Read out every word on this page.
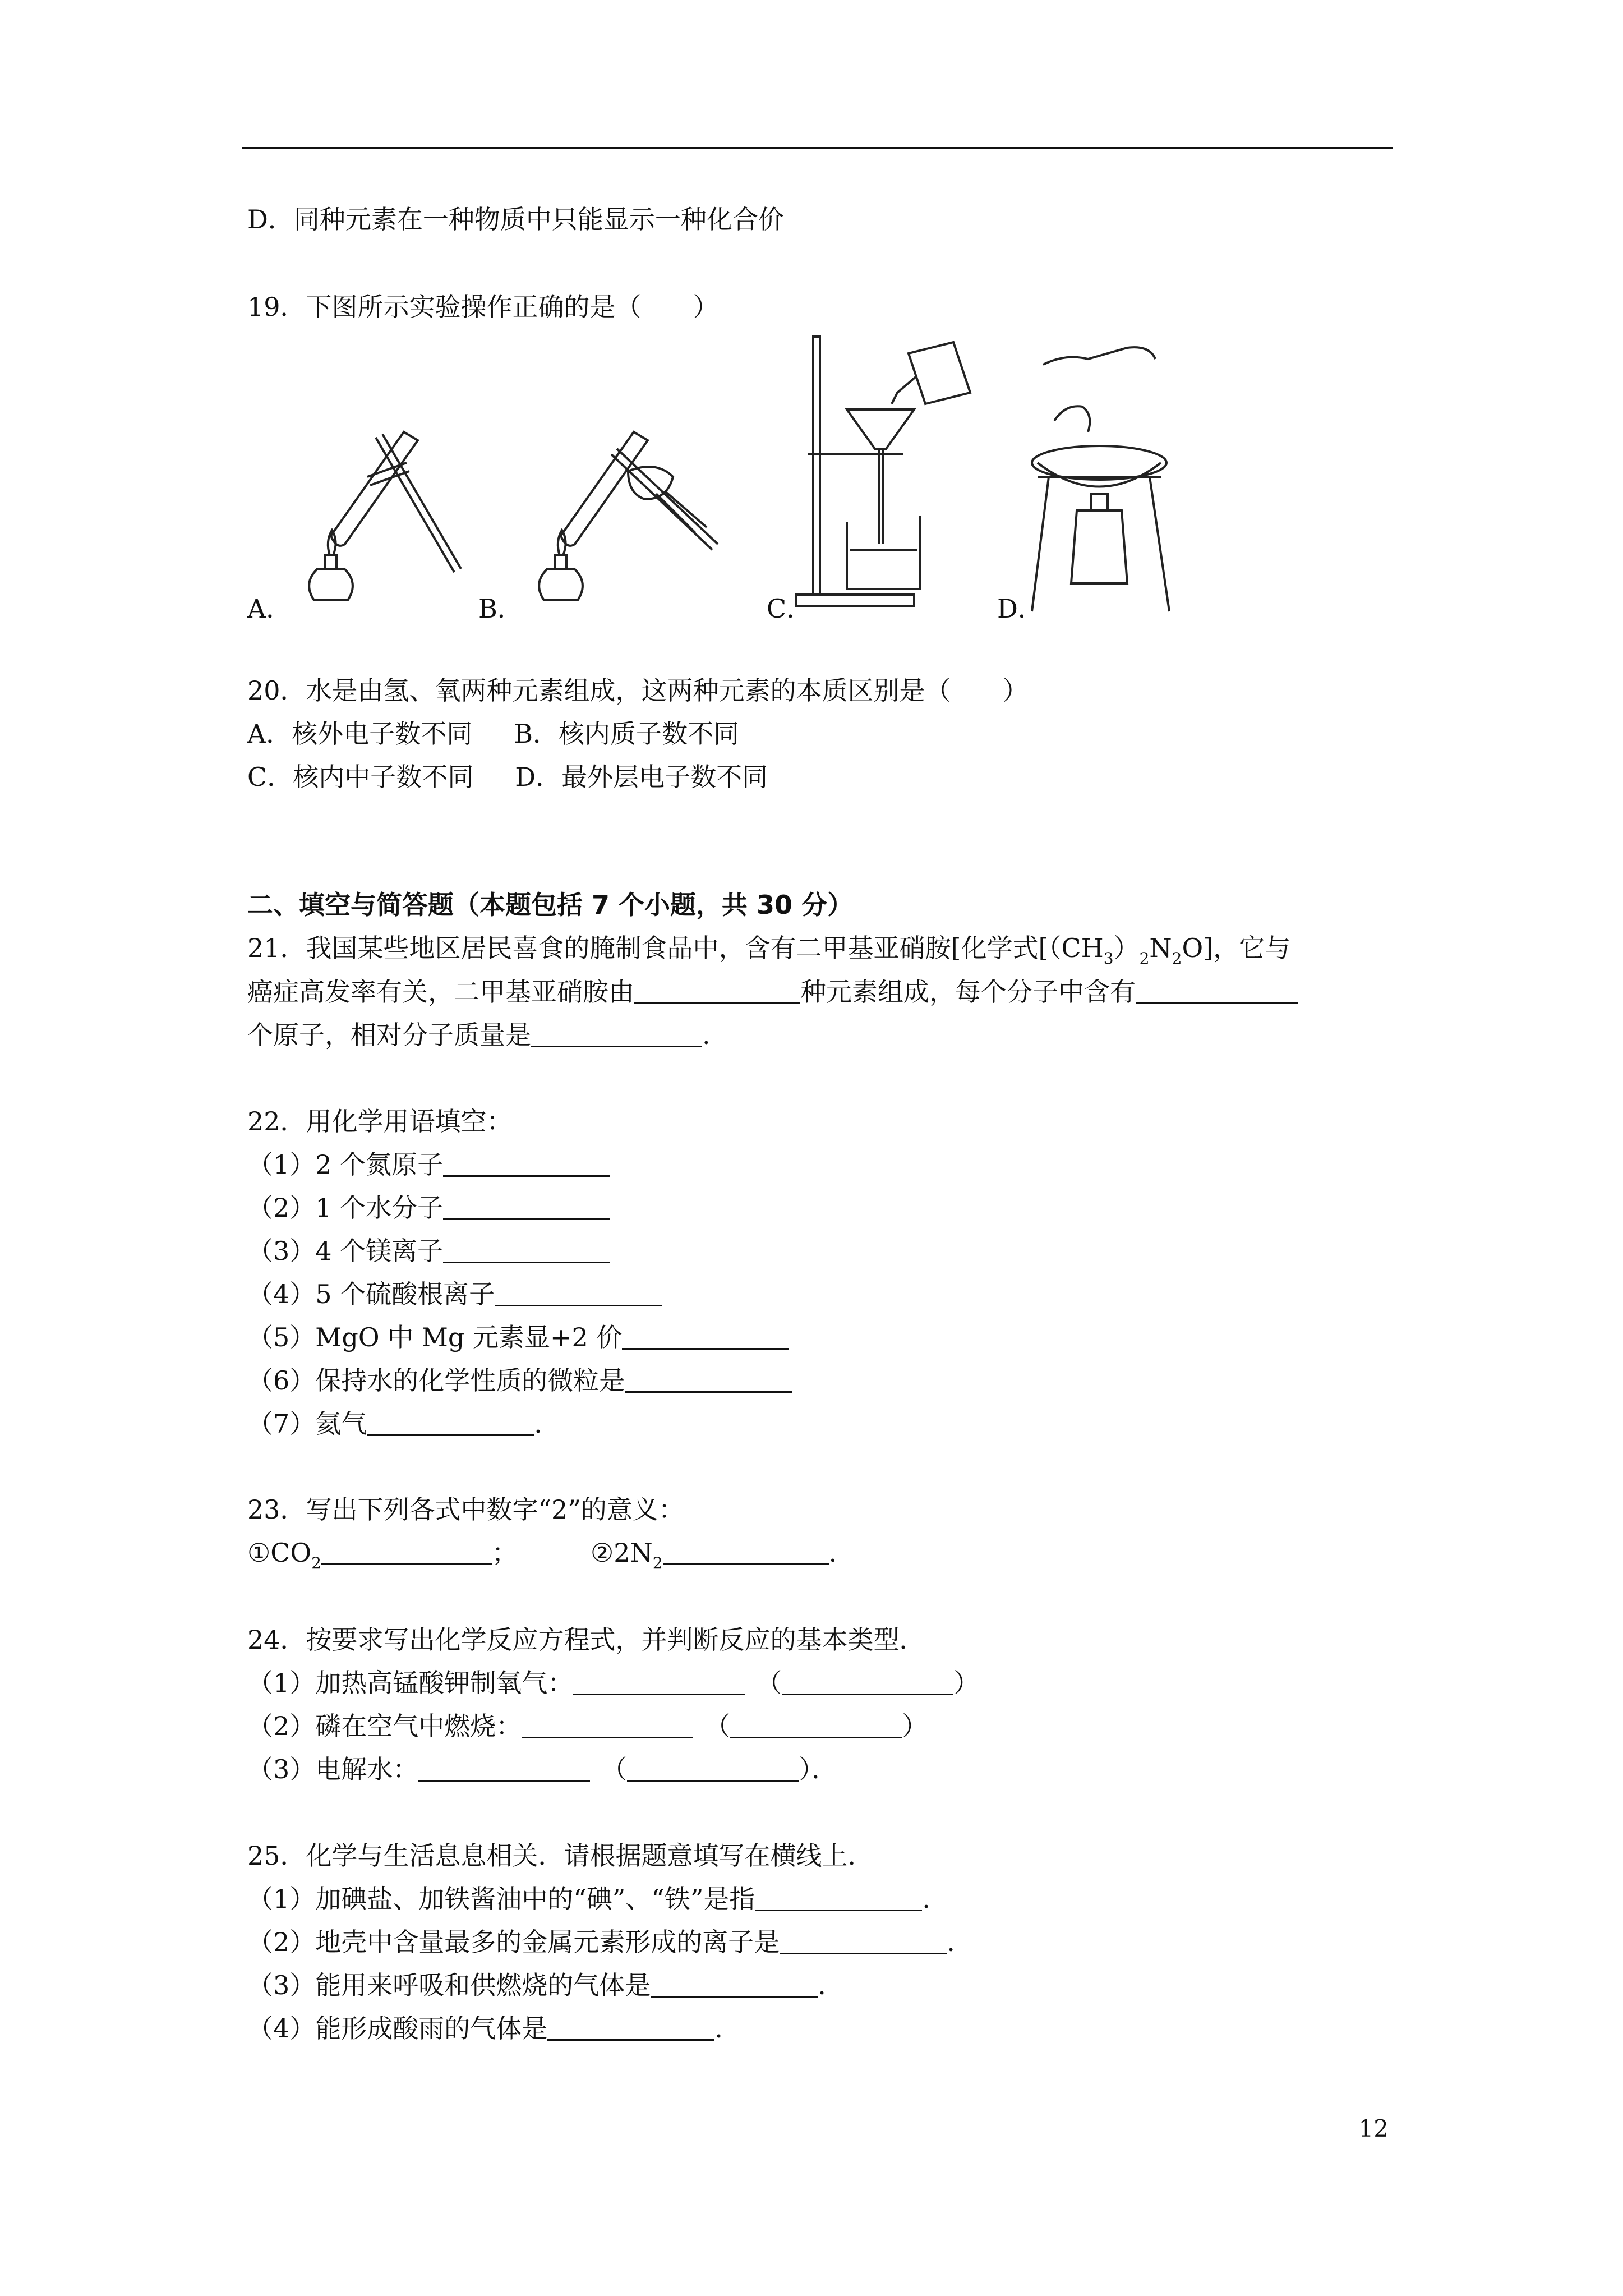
D．同种元素在一种物质中只能显示一种化合价
19．下图所示实验操作正确的是（　　）
A．	B．	C．	D．
20．水是由氢、氧两种元素组成，这两种元素的本质区别是（　　）
A．核外电子数不同 B．核内质子数不同
C．核内中子数不同 D．最外层电子数不同
二、填空与简答题（本题包括 7 个小题，共 30 分）
21．我国某些地区居民喜食的腌制食品中，含有二甲基亚硝胺[化学式$[(CH_3)_2N_2O]$，它与
癌症高发率有关，二甲基亚硝胺由	种元素组成，每个分子中含有
个原子，相对分子质量是	.
22．用化学用语填空：
（1）2 个氮原子
（2）1 个水分子
（3）4 个镁离子
（4）5 个硫酸根离子
（5）MgO 中 Mg 元素显+2 价
（6）保持水的化学性质的微粒是
（7）氦气	.
23．写出下列各式中数字“2”的意义：
$①CO_2$	；	$②2N_2$	.
24．按要求写出化学反应方程式，并判断反应的基本类型．
（1）加热高锰酸钾制氧气：	（	）
（2）磷在空气中燃烧：	（	）
（3）电解水：	（	）．
25．化学与生活息息相关．请根据题意填写在横线上．
（1）加碘盐、加铁酱油中的“碘”、“铁”是指	.
（2）地壳中含量最多的金属元素形成的离子是	.
（3）能用来呼吸和供燃烧的气体是	.
（4）能形成酸雨的气体是	.
12
